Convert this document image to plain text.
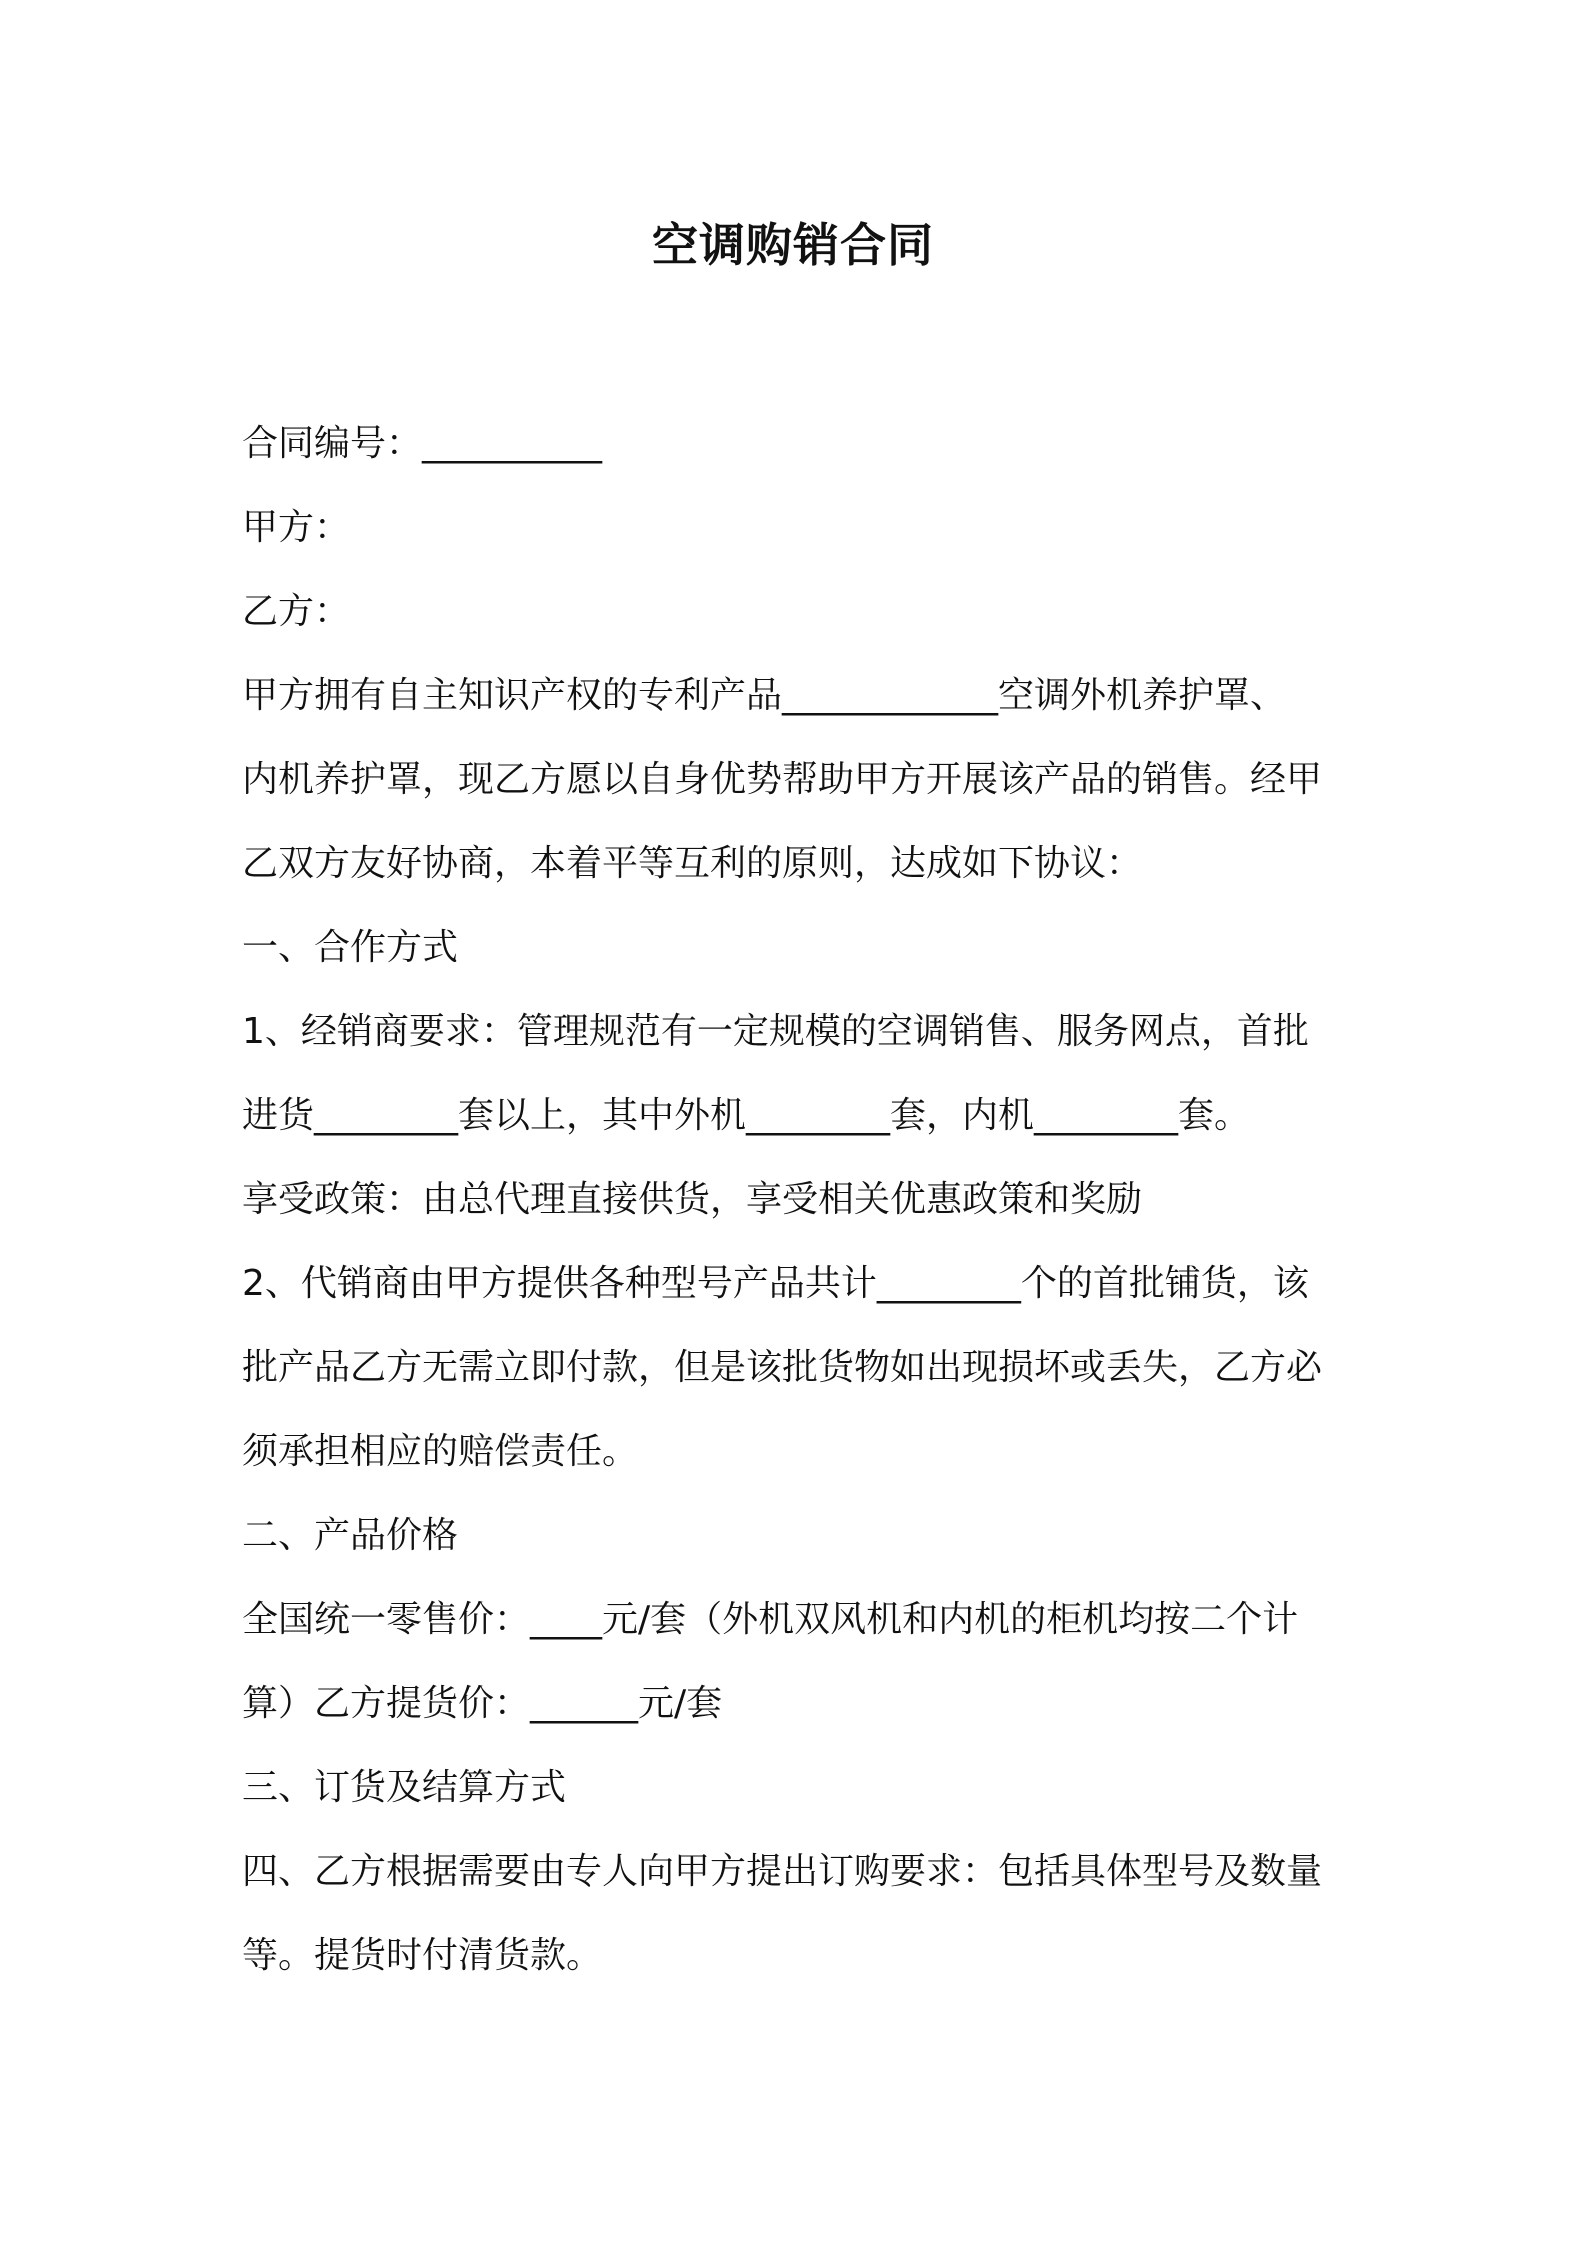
空调购销合同
合同编号：__________
甲方：
乙方：
甲方拥有自主知识产权的专利产品____________空调外机养护罩、
内机养护罩，现乙方愿以自身优势帮助甲方开展该产品的销售。经甲
乙双方友好协商，本着平等互利的原则，达成如下协议：
一、合作方式
1、经销商要求：管理规范有一定规模的空调销售、服务网点，首批
进货________套以上，其中外机________套，内机________套。
享受政策：由总代理直接供货，享受相关优惠政策和奖励
2、代销商由甲方提供各种型号产品共计________个的首批铺货，该
批产品乙方无需立即付款，但是该批货物如出现损坏或丢失，乙方必
须承担相应的赔偿责任。
二、产品价格
全国统一零售价：____元/套（外机双风机和内机的柜机均按二个计
算）乙方提货价：______元/套
三、订货及结算方式
四、乙方根据需要由专人向甲方提出订购要求：包括具体型号及数量
等。提货时付清货款。
